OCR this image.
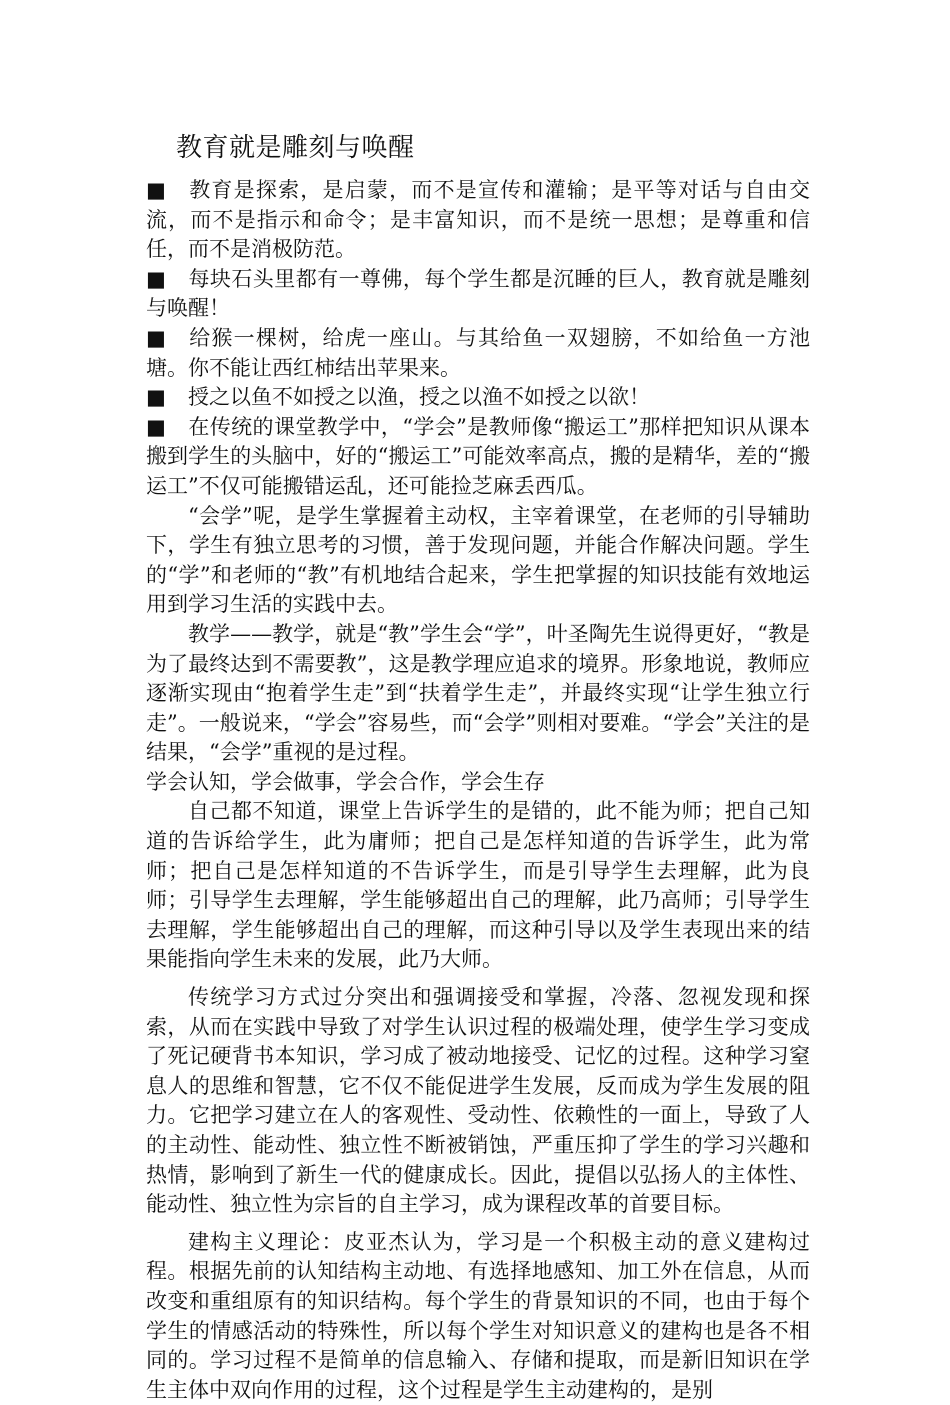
教育就是雕刻与唤醒

■ 教育是探索，是启蒙，而不是宣传和灌输；是平等对话与自由交流，而不是指示和命令；是丰富知识，而不是统一思想；是尊重和信任，而不是消极防范。

■ 每块石头里都有一尊佛，每个学生都是沉睡的巨人，教育就是雕刻与唤醒！

■ 给猴一棵树，给虎一座山。与其给鱼一双翅膀，不如给鱼一方池塘。你不能让西红柿结出苹果来。

■ 授之以鱼不如授之以渔，授之以渔不如授之以欲！

■ 在传统的课堂教学中，“学会”是教师像“搬运工”那样把知识从课本搬到学生的头脑中，好的“搬运工”可能效率高点，搬的是精华，差的“搬运工”不仅可能搬错运乱，还可能捡芝麻丢西瓜。

“会学”呢，是学生掌握着主动权，主宰着课堂，在老师的引导辅助下，学生有独立思考的习惯，善于发现问题，并能合作解决问题。学生的“学”和老师的“教”有机地结合起来，学生把掌握的知识技能有效地运用到学习生活的实践中去。

教学——教学，就是“教”学生会“学”，叶圣陶先生说得更好，“教是为了最终达到不需要教”，这是教学理应追求的境界。形象地说，教师应逐渐实现由“抱着学生走”到“扶着学生走”，并最终实现“让学生独立行走”。一般说来，“学会”容易些，而“会学”则相对要难。“学会”关注的是结果，“会学”重视的是过程。

学会认知，学会做事，学会合作，学会生存

自己都不知道，课堂上告诉学生的是错的，此不能为师；把自己知道的告诉给学生，此为庸师；把自己是怎样知道的告诉学生，此为常师；把自己是怎样知道的不告诉学生，而是引导学生去理解，此为良师；引导学生去理解，学生能够超出自己的理解，此乃高师；引导学生去理解，学生能够超出自己的理解，而这种引导以及学生表现出来的结果能指向学生未来的发展，此乃大师。

传统学习方式过分突出和强调接受和掌握，冷落、忽视发现和探索，从而在实践中导致了对学生认识过程的极端处理，使学生学习变成了死记硬背书本知识，学习成了被动地接受、记忆的过程。这种学习窒息人的思维和智慧，它不仅不能促进学生发展，反而成为学生发展的阻力。它把学习建立在人的客观性、受动性、依赖性的一面上，导致了人的主动性、能动性、独立性不断被销蚀，严重压抑了学生的学习兴趣和热情，影响到了新生一代的健康成长。因此，提倡以弘扬人的主体性、能动性、独立性为宗旨的自主学习，成为课程改革的首要目标。

建构主义理论：皮亚杰认为，学习是一个积极主动的意义建构过程。根据先前的认知结构主动地、有选择地感知、加工外在信息，从而改变和重组原有的知识结构。每个学生的背景知识的不同，也由于每个学生的情感活动的特殊性，所以每个学生对知识意义的建构也是各不相同的。学习过程不是简单的信息输入、存储和提取，而是新旧知识在学生主体中双向作用的过程，这个过程是学生主动建构的，是别
